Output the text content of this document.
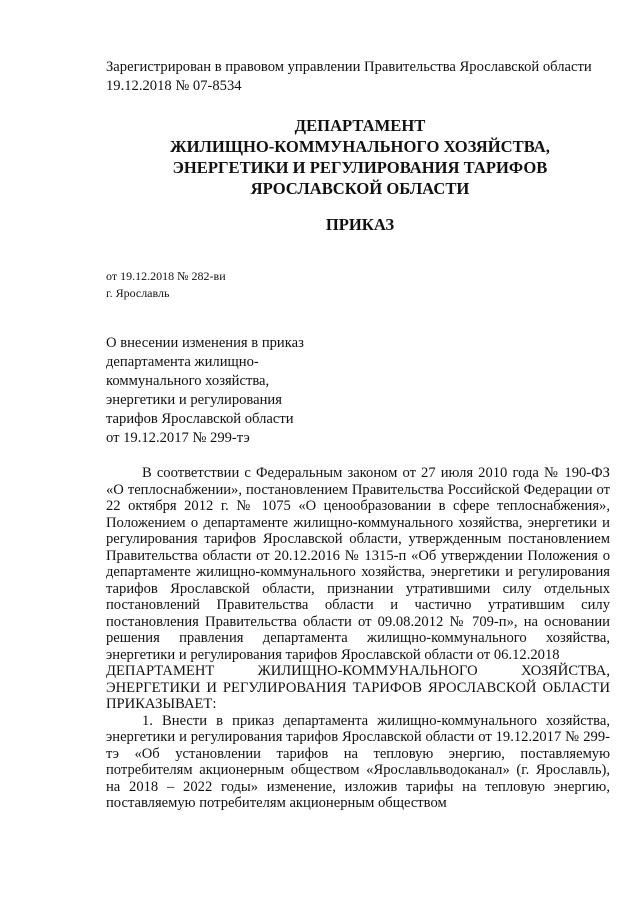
Зарегистрирован в правовом управлении Правительства Ярославской области
19.12.2018 № 07-8534
ДЕПАРТАМЕНТ
ЖИЛИЩНО-КОММУНАЛЬНОГО ХОЗЯЙСТВА,
ЭНЕРГЕТИКИ И РЕГУЛИРОВАНИЯ ТАРИФОВ
ЯРОСЛАВСКОЙ ОБЛАСТИ
ПРИКАЗ
от 19.12.2018 № 282-ви
г. Ярославль
О внесении изменения в приказ
департамента жилищно-
коммунального хозяйства,
энергетики и регулирования
тарифов Ярославской области
от 19.12.2017 № 299-тэ

В соответствии с Федеральным законом от 27 июля 2010 года № 190-ФЗ «О теплоснабжении», постановлением Правительства Российской Федерации от 22 октября 2012 г. № 1075 «О ценообразовании в сфере теплоснабжения», Положением о департаменте жилищно-коммунального хозяйства, энергетики и регулирования тарифов Ярославской области, утвержденным постановлением Правительства области от 20.12.2016 № 1315-п «Об утверждении Положения о департаменте жилищно-коммунального хозяйства, энергетики и регулирования тарифов Ярославской области, признании утратившими силу отдельных постановлений Правительства области и частично утратившим силу постановления Правительства области от 09.08.2012 № 709-п», на основании решения правления департамента жилищно-коммунального хозяйства, энергетики и регулирования тарифов Ярославской области от 06.12.2018

ДЕПАРТАМЕНТ ЖИЛИЩНО-КОММУНАЛЬНОГО ХОЗЯЙСТВА, ЭНЕРГЕТИКИ И РЕГУЛИРОВАНИЯ ТАРИФОВ ЯРОСЛАВСКОЙ ОБЛАСТИ ПРИКАЗЫВАЕТ:

1. Внести в приказ департамента жилищно-коммунального хозяйства, энергетики и регулирования тарифов Ярославской области от 19.12.2017 № 299-тэ «Об установлении тарифов на тепловую энергию, поставляемую потребителям акционерным обществом «Ярославльводоканал» (г. Ярославль), на 2018 – 2022 годы» изменение, изложив тарифы на тепловую энергию, поставляемую потребителям акционерным обществом
